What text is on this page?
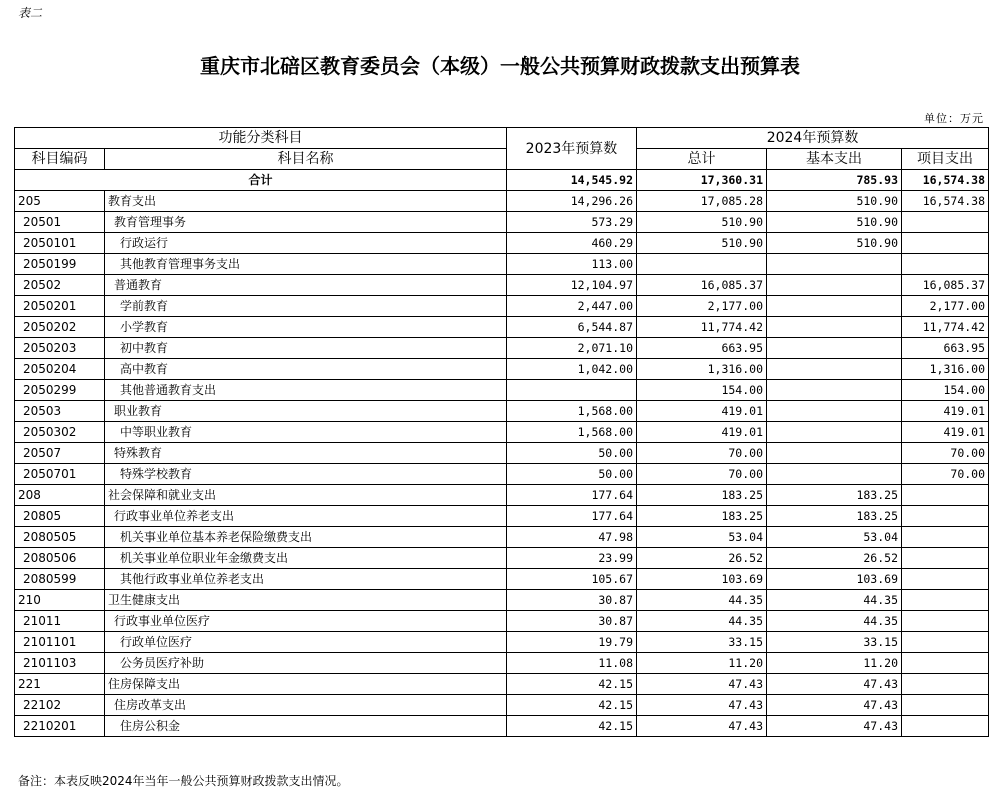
表二
重庆市北碚区教育委员会（本级）一般公共预算财政拨款支出预算表
单位：万元
功能分类科目		2023年预算数	2024年预算数		
科目编码	科目名称		总计	基本支出	项目支出
合计		14,545.92	17,360.31	785.93	16,574.38
205	教育支出	14,296.26	17,085.28	510.90	16,574.38
20501	教育管理事务	573.29	510.90	510.90	
2050101	行政运行	460.29	510.90	510.90	
2050199	其他教育管理事务支出	113.00			
20502	普通教育	12,104.97	16,085.37		16,085.37
2050201	学前教育	2,447.00	2,177.00		2,177.00
2050202	小学教育	6,544.87	11,774.42		11,774.42
2050203	初中教育	2,071.10	663.95		663.95
2050204	高中教育	1,042.00	1,316.00		1,316.00
2050299	其他普通教育支出		154.00		154.00
20503	职业教育	1,568.00	419.01		419.01
2050302	中等职业教育	1,568.00	419.01		419.01
20507	特殊教育	50.00	70.00		70.00
2050701	特殊学校教育	50.00	70.00		70.00
208	社会保障和就业支出	177.64	183.25	183.25	
20805	行政事业单位养老支出	177.64	183.25	183.25	
2080505	机关事业单位基本养老保险缴费支出	47.98	53.04	53.04	
2080506	机关事业单位职业年金缴费支出	23.99	26.52	26.52	
2080599	其他行政事业单位养老支出	105.67	103.69	103.69	
210	卫生健康支出	30.87	44.35	44.35	
21011	行政事业单位医疗	30.87	44.35	44.35	
2101101	行政单位医疗	19.79	33.15	33.15	
2101103	公务员医疗补助	11.08	11.20	11.20	
221	住房保障支出	42.15	47.43	47.43	
22102	住房改革支出	42.15	47.43	47.43	
2210201	住房公积金	42.15	47.43	47.43	
备注：本表反映2024年当年一般公共预算财政拨款支出情况。
